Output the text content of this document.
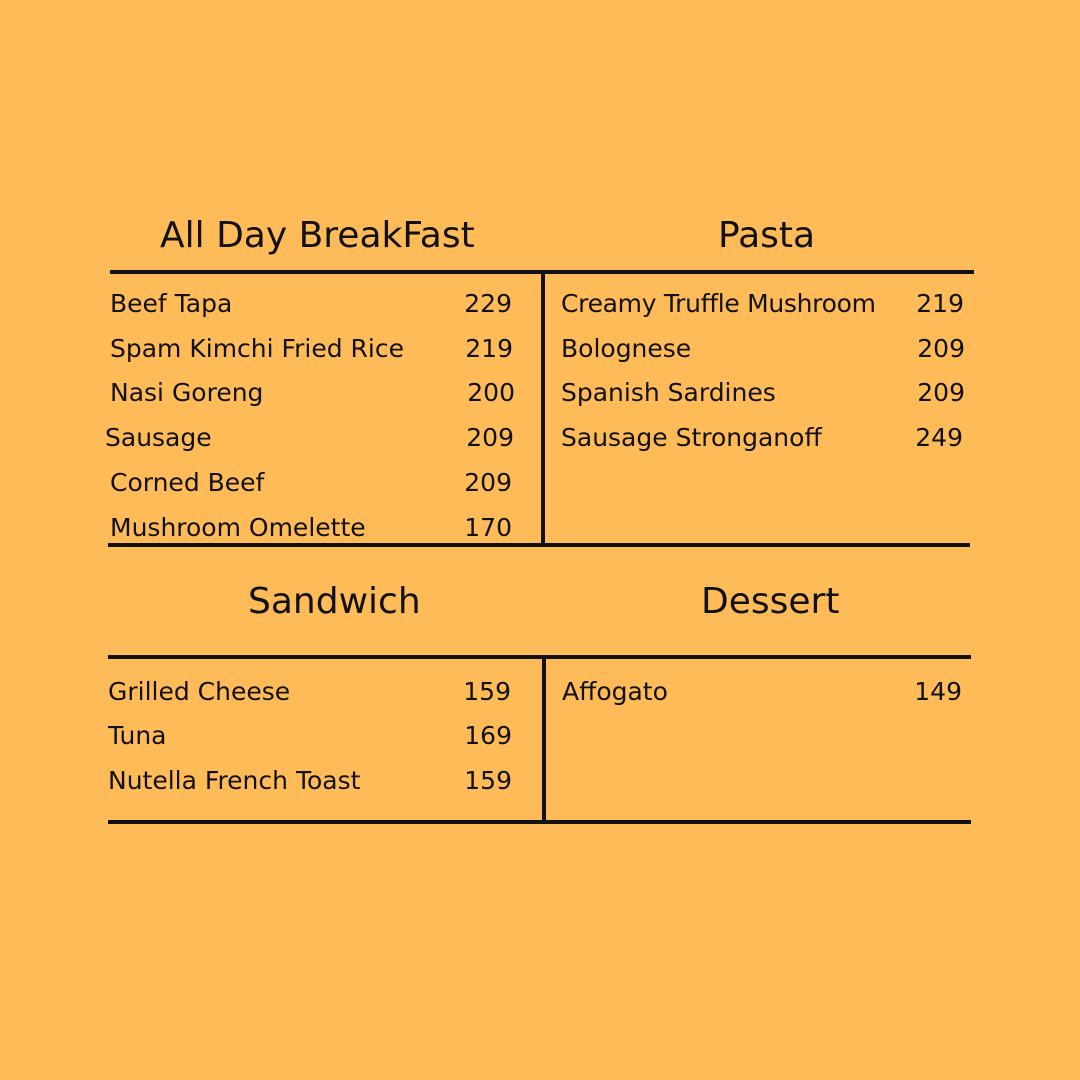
All Day BreakFast	Pasta
Sandwich	Dessert
Beef Tapa	229
Spam Kimchi Fried Rice	219
Nasi Goreng	200
Sausage	209
Corned Beef	209
Mushroom Omelette	170
Creamy Truffle Mushroom	219
Bolognese	209
Spanish Sardines	209
Sausage Stronganoff	249
Grilled Cheese	159
Tuna	169
Nutella French Toast	159
Affogato	149
